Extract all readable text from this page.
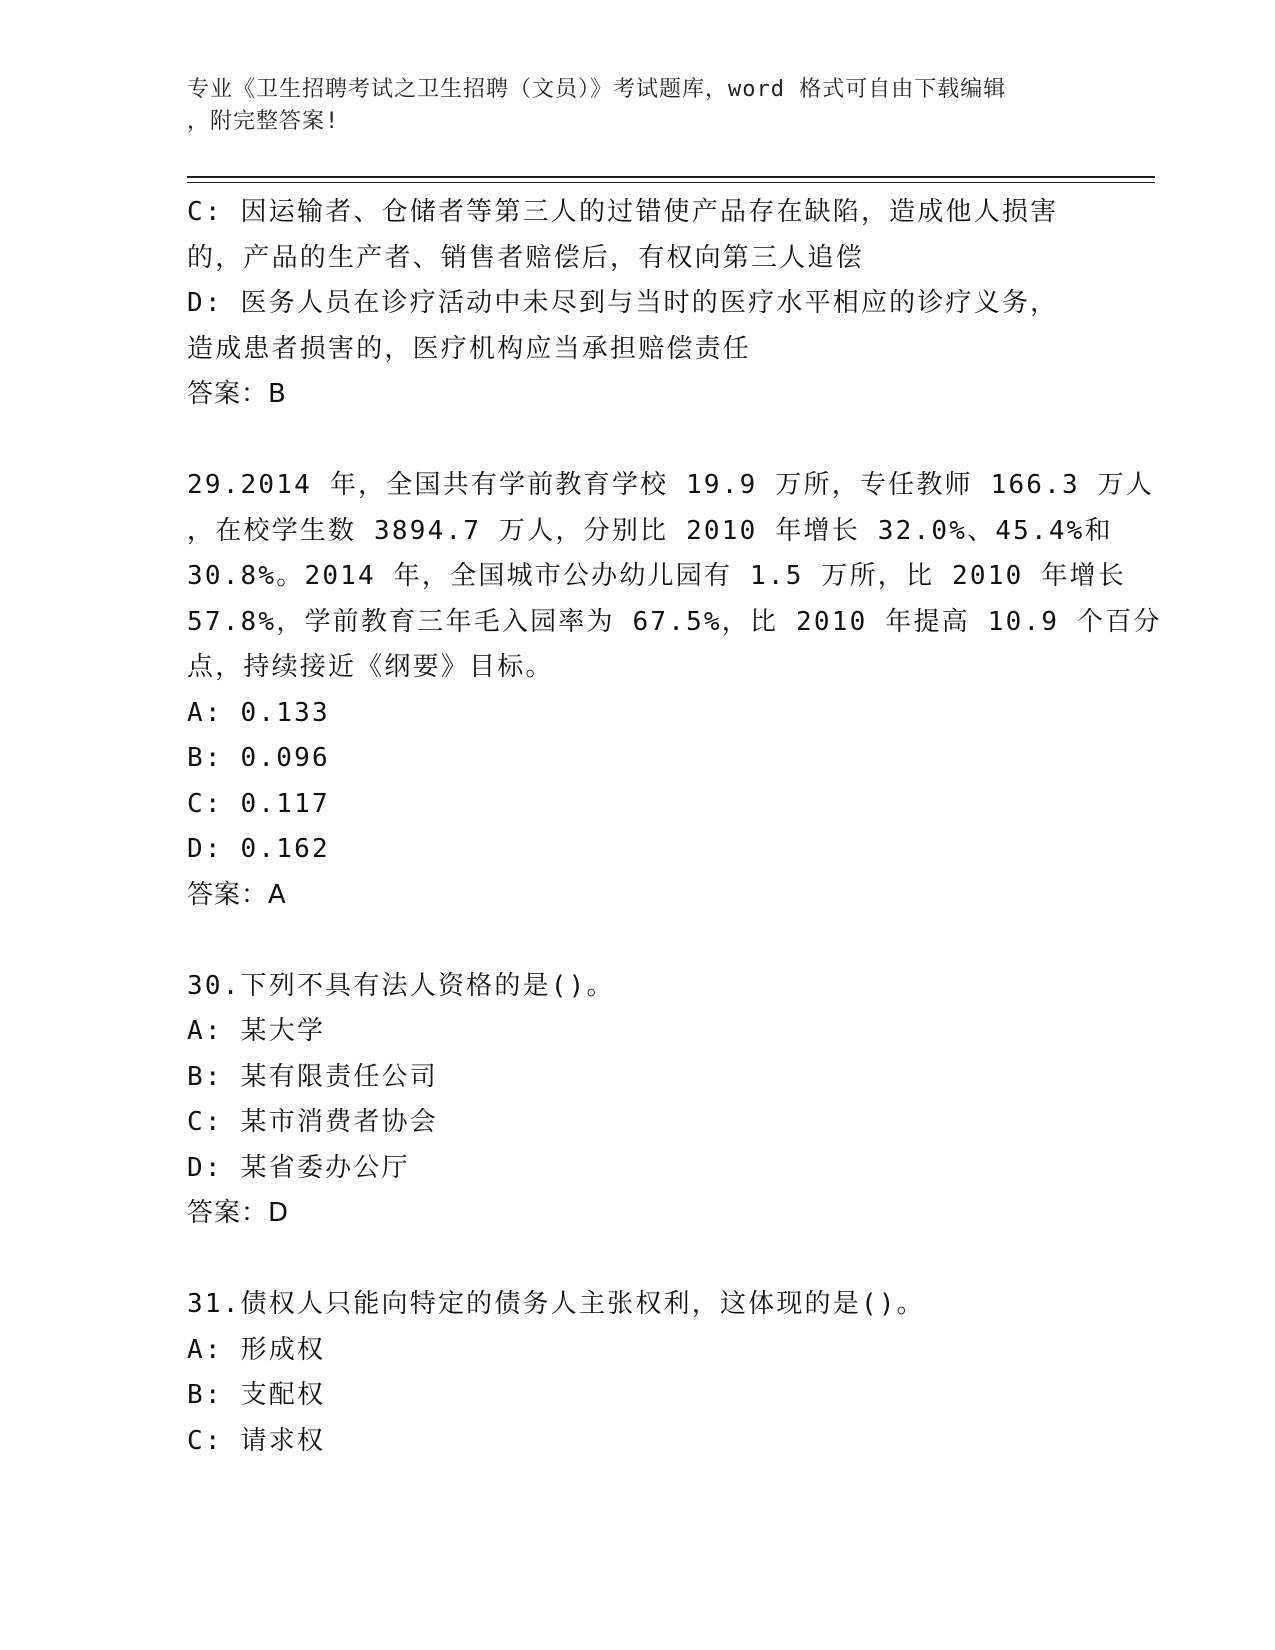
专业《卫生招聘考试之卫生招聘（文员）》考试题库，word 格式可自由下载编辑
，附完整答案!
C: 因运输者、仓储者等第三人的过错使产品存在缺陷，造成他人损害
的，产品的生产者、销售者赔偿后，有权向第三人追偿
D: 医务人员在诊疗活动中未尽到与当时的医疗水平相应的诊疗义务，
造成患者损害的，医疗机构应当承担赔偿责任
答案：B
29.2014 年，全国共有学前教育学校 19.9 万所，专任教师 166.3 万人
，在校学生数 3894.7 万人，分别比 2010 年增长 32.0%、45.4%和
30.8%。2014 年，全国城市公办幼儿园有 1.5 万所，比 2010 年增长
57.8%，学前教育三年毛入园率为 67.5%，比 2010 年提高 10.9 个百分
点，持续接近《纲要》目标。
A: 0.133
B: 0.096
C: 0.117
D: 0.162
答案：A
30.下列不具有法人资格的是()。
A: 某大学
B: 某有限责任公司
C: 某市消费者协会
D: 某省委办公厅
答案：D
31.债权人只能向特定的债务人主张权利，这体现的是()。
A: 形成权
B: 支配权
C: 请求权
